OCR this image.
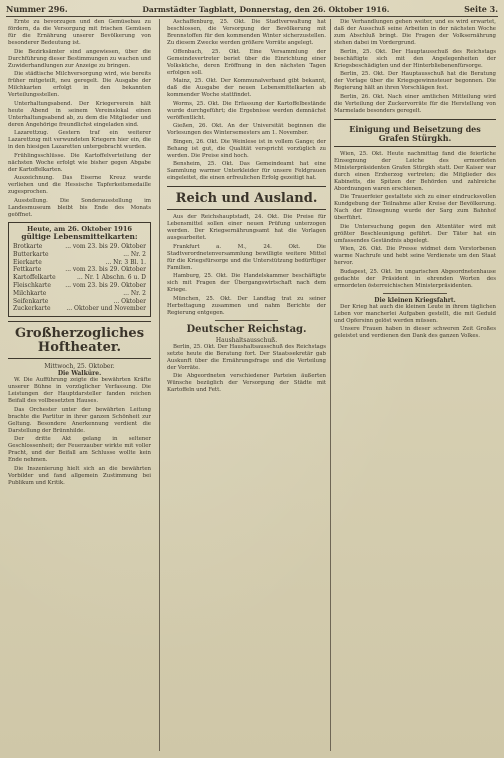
Nummer 296.	Darmstädter Tagblatt, Donnerstag, den 26. Oktober 1916.	Seite 3.

Ernte zu bevorzugen und den Gemüsebau zu fördern, da die Versorgung mit frischen Gemüsen für die Ernährung unserer Bevölkerung von besonderer Bedeutung ist.

Die Bezirksämter sind angewiesen, über die Durchführung dieser Bestimmungen zu wachen und Zuwiderhandlungen zur Anzeige zu bringen.

Die städtische Milchversorgung wird, wie bereits früher mitgeteilt, neu geregelt. Die Ausgabe der Milchkarten erfolgt in den bekannten Verteilungsstellen.

Unterhaltungsabend. Der Kriegerverein hält heute Abend in seinem Vereinslokal einen Unterhaltungsabend ab, zu dem die Mitglieder und deren Angehörige freundlichst eingeladen sind.

Lazarettzug. Gestern traf ein weiterer Lazarettzug mit verwundeten Kriegern hier ein, die in den hiesigen Lazaretten untergebracht wurden.

Frühlingsschlüsse. Die Kartoffelverteilung der nächsten Woche erfolgt wie bisher gegen Abgabe der Kartoffelkarten.

Auszeichnung. Das Eiserne Kreuz wurde verliehen und die Hessische Tapferkeitsmedaille zugesprochen.

Ausstellung. Die Sonderausstellung im Landesmuseum bleibt bis Ende des Monats geöffnet.

Heute, am 26. Oktober 1916
gültige Lebensmittelkarten:
Brotkarte	... vom 23. bis 29. Oktober
Butterkarte	... Nr. 2
Eierkarte	... Nr. 3 Bl. 1.
Fettkarte	... vom 23. bis 29. Oktober
Kartoffelkarte	... Nr. 1 Abschn. 6 u. D
Fleischkarte ... vom 23. bis 29. Oktober
Milchkarte	... Nr. 2
Seifenkarte	... Oktober
Zuckerkarte	... Oktober und November
Großherzogliches Hoftheater.
Mittwoch, 25. Oktober.
Die Walküre.

W. Die Aufführung zeigte die bewährten Kräfte unserer Bühne in vorzüglicher Verfassung. Die Leistungen der Hauptdarsteller fanden reichen Beifall des vollbesetzten Hauses.

Das Orchester unter der bewährten Leitung brachte die Partitur in ihrer ganzen Schönheit zur Geltung. Besondere Anerkennung verdient die Darstellung der Brünnhilde.

Der dritte Akt gelang in seltener Geschlossenheit; der Feuerzauber wirkte mit voller Pracht, und der Beifall am Schlusse wollte kein Ende nehmen.

Die Inszenierung hielt sich an die bewährten Vorbilder und fand allgemein Zustimmung bei Publikum und Kritik.

Aschaffenburg, 25. Okt. Die Stadtverwaltung hat beschlossen, die Versorgung der Bevölkerung mit Brennstoffen für den kommenden Winter sicherzustellen. Zu diesem Zwecke werden größere Vorräte angelegt.

Offenbach, 25. Okt. Eine Versammlung der Gemeindevertreter beriet über die Einrichtung einer Volksküche, deren Eröffnung in den nächsten Tagen erfolgen soll.

Mainz, 25. Okt. Der Kommunalverband gibt bekannt, daß die Ausgabe der neuen Lebensmittelkarten ab kommender Woche stattfindet.

Worms, 25. Okt. Die Erfassung der Kartoffelbestände wurde durchgeführt; die Ergebnisse werden demnächst veröffentlicht.

Gießen, 26. Okt. An der Universität beginnen die Vorlesungen des Wintersemesters am 1. November.

Bingen, 26. Okt. Die Weinlese ist in vollem Gange; der Behang ist gut, die Qualität verspricht vorzüglich zu werden. Die Preise sind hoch.

Bensheim, 25. Okt. Das Gemeindeamt hat eine Sammlung warmer Unterkleider für unsere Feldgrauen eingeleitet, die einen erfreulichen Erfolg gezeitigt hat.

Reich und Ausland.

Aus der Reichshauptstadt, 24. Okt. Die Preise für Lebensmittel sollen einer neuen Prüfung unterzogen werden. Der Kriegsernährungsamt hat die Vorlagen ausgearbeitet.

Frankfurt a. M., 24. Okt. Die Stadtverordnetenversammlung bewilligte weitere Mittel für die Kriegsfürsorge und die Unterstützung bedürftiger Familien.

Hamburg, 25. Okt. Die Handelskammer beschäftigte sich mit Fragen der Übergangswirtschaft nach dem Kriege.

München, 25. Okt. Der Landtag trat zu seiner Herbsttagung zusammen und nahm Berichte der Regierung entgegen.

Deutscher Reichstag.
Haushaltsausschuß.

Berlin, 25. Okt. Der Haushaltsausschuß des Reichstags setzte heute die Beratung fort. Der Staatssekretär gab Auskunft über die Ernährungsfrage und die Verteilung der Vorräte.

Die Abgeordneten verschiedener Parteien äußerten Wünsche bezüglich der Versorgung der Städte mit Kartoffeln und Fett.

Die Verhandlungen gehen weiter, und es wird erwartet, daß der Ausschuß seine Arbeiten in der nächsten Woche zum Abschluß bringt. Die Fragen der Volksernährung stehen dabei im Vordergrund.

Berlin, 25. Okt. Der Hauptausschuß des Reichstags beschäftigte sich mit den Angelegenheiten der Kriegsbeschädigten und der Hinterbliebenenfürsorge.

Berlin, 25. Okt. Der Hauptausschuß hat die Beratung der Vorlage über die Kriegsgewinnsteuer begonnen. Die Regierung hält an ihren Vorschlägen fest.

Berlin, 26. Okt. Nach einer amtlichen Mitteilung wird die Verteilung der Zuckervorräte für die Herstellung von Marmelade besonders geregelt.

Einigung und Beisetzung des Grafen Stürgkh.

Wien, 25. Okt. Heute nachmittag fand die feierliche Einsegnung der Leiche des ermordeten Ministerpräsidenten Grafen Stürgkh statt. Der Kaiser war durch einen Erzherzog vertreten; die Mitglieder des Kabinetts, die Spitzen der Behörden und zahlreiche Abordnungen waren erschienen.

Die Trauerfeier gestaltete sich zu einer eindrucksvollen Kundgebung der Teilnahme aller Kreise der Bevölkerung. Nach der Einsegnung wurde der Sarg zum Bahnhof überführt.

Die Untersuchung gegen den Attentäter wird mit größter Beschleunigung geführt. Der Täter hat ein umfassendes Geständnis abgelegt.

Wien, 26. Okt. Die Presse widmet dem Verstorbenen warme Nachrufe und hebt seine Verdienste um den Staat hervor.

Budapest, 25. Okt. Im ungarischen Abgeordnetenhause gedachte der Präsident in ehrenden Worten des ermordeten österreichischen Ministerpräsidenten.

Die kleinen Kriegsfahrt.

Der Krieg hat auch die kleinen Leute in ihrem täglichen Leben vor mancherlei Aufgaben gestellt, die mit Geduld und Opfersinn gelöst werden müssen.

Unsere Frauen haben in dieser schweren Zeit Großes geleistet und verdienen den Dank des ganzen Volkes.
